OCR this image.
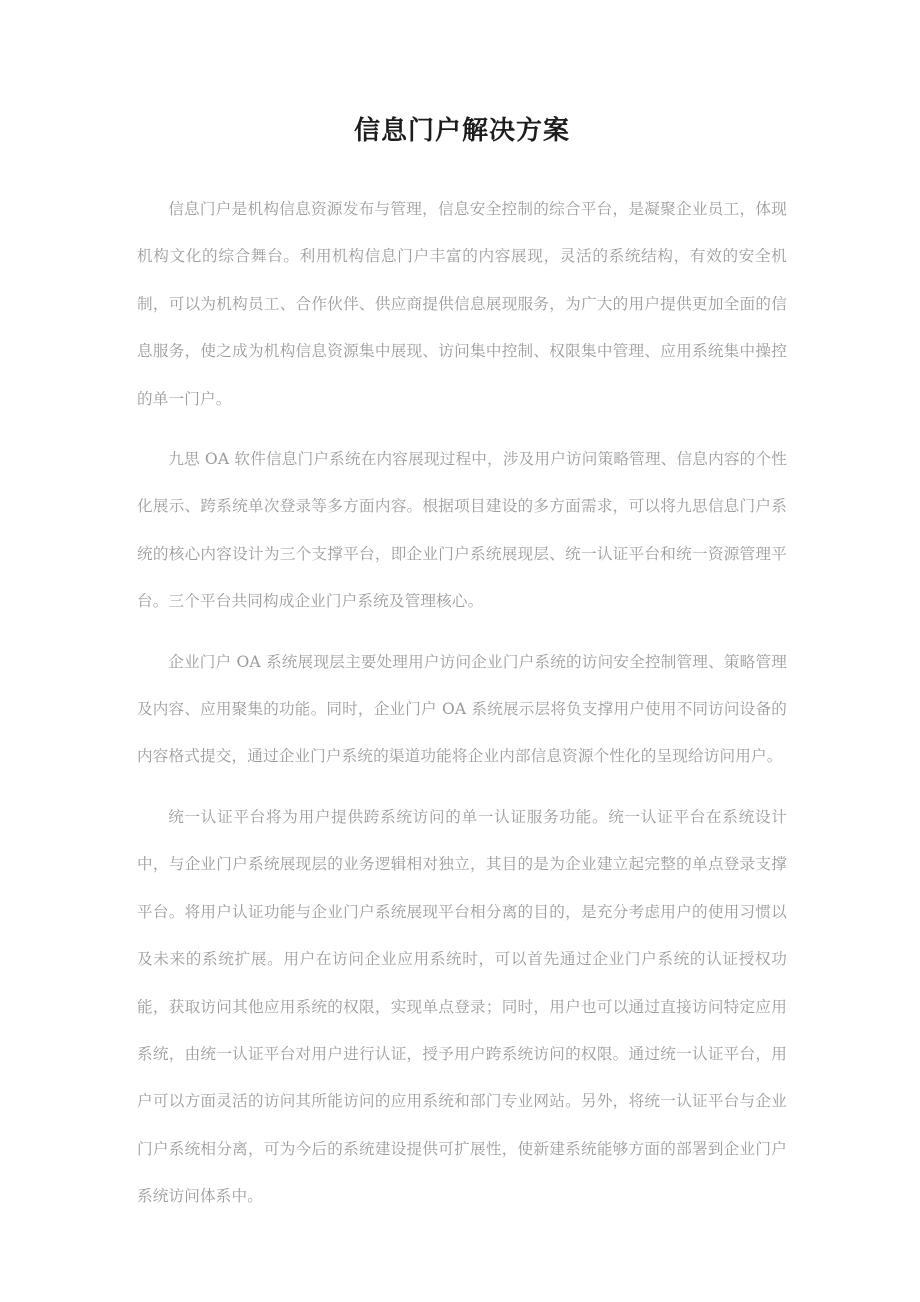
信息门户解决方案

信息门户是机构信息资源发布与管理，信息安全控制的综合平台，是凝聚企业员工，体现机构文化的综合舞台。利用机构信息门户丰富的内容展现，灵活的系统结构，有效的安全机制，可以为机构员工、合作伙伴、供应商提供信息展现服务，为广大的用户提供更加全面的信息服务，使之成为机构信息资源集中展现、访问集中控制、权限集中管理、应用系统集中操控的单一门户。

九思 OA 软件信息门户系统在内容展现过程中，涉及用户访问策略管理、信息内容的个性化展示、跨系统单次登录等多方面内容。根据项目建设的多方面需求，可以将九思信息门户系统的核心内容设计为三个支撑平台，即企业门户系统展现层、统一认证平台和统一资源管理平台。三个平台共同构成企业门户系统及管理核心。

企业门户 OA 系统展现层主要处理用户访问企业门户系统的访问安全控制管理、策略管理及内容、应用聚集的功能。同时，企业门户 OA 系统展示层将负支撑用户使用不同访问设备的内容格式提交，通过企业门户系统的渠道功能将企业内部信息资源个性化的呈现给访问用户。

统一认证平台将为用户提供跨系统访问的单一认证服务功能。统一认证平台在系统设计中，与企业门户系统展现层的业务逻辑相对独立，其目的是为企业建立起完整的单点登录支撑平台。将用户认证功能与企业门户系统展现平台相分离的目的，是充分考虑用户的使用习惯以及未来的系统扩展。用户在访问企业应用系统时，可以首先通过企业门户系统的认证授权功能，获取访问其他应用系统的权限，实现单点登录；同时，用户也可以通过直接访问特定应用系统，由统一认证平台对用户进行认证，授予用户跨系统访问的权限。通过统一认证平台，用户可以方面灵活的访问其所能访问的应用系统和部门专业网站。另外，将统一认证平台与企业门户系统相分离，可为今后的系统建设提供可扩展性，使新建系统能够方面的部署到企业门户系统访问体系中。
